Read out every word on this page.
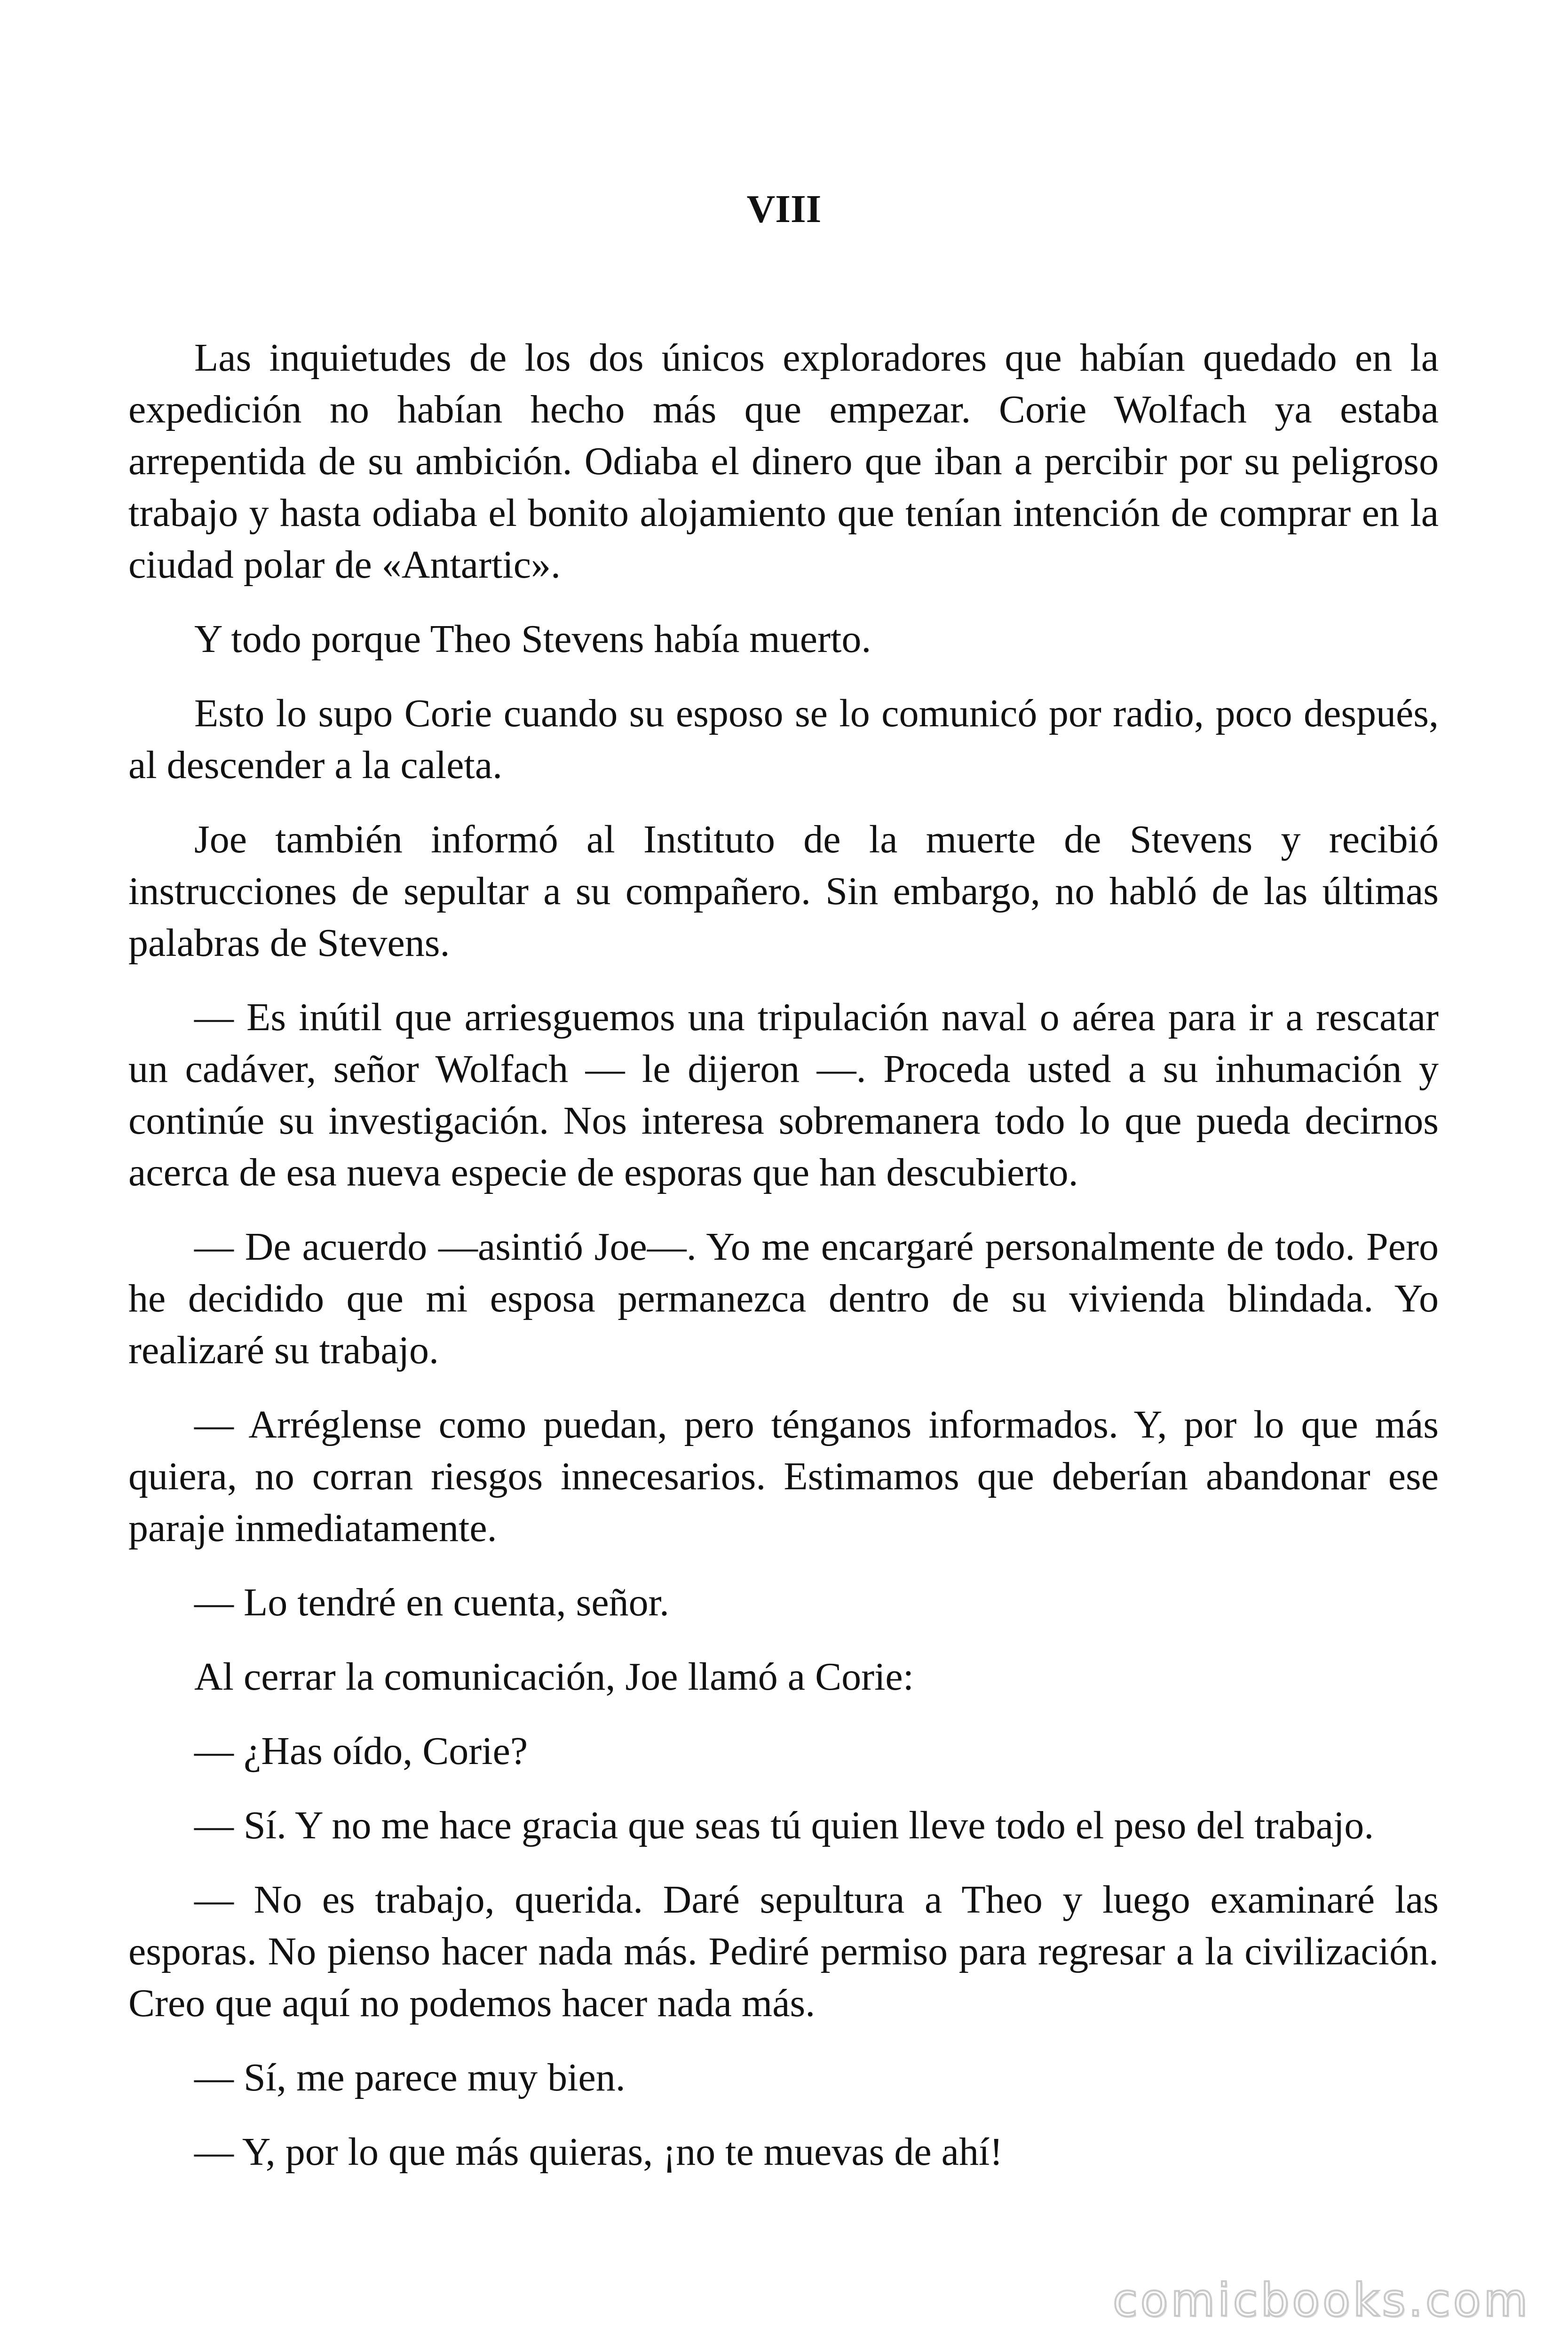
VIII

Las inquietudes de los dos únicos exploradores que habían quedado en la expedición no habían hecho más que empezar. Corie Wolfach ya estaba arrepentida de su ambición. Odiaba el dinero que iban a percibir por su peligroso trabajo y hasta odiaba el bonito alojamiento que tenían intención de comprar en la ciudad polar de «Antartic».

Y todo porque Theo Stevens había muerto.

Esto lo supo Corie cuando su esposo se lo comunicó por radio, poco después, al descender a la caleta.

Joe también informó al Instituto de la muerte de Stevens y recibió instrucciones de sepultar a su compañero. Sin embargo, no habló de las últimas palabras de Stevens.

— Es inútil que arriesguemos una tripulación naval o aérea para ir a rescatar un cadáver, señor Wolfach — le dijeron —. Proceda usted a su inhumación y continúe su investigación. Nos interesa sobremanera todo lo que pueda decirnos acerca de esa nueva especie de esporas que han descubierto.

— De acuerdo —asintió Joe—. Yo me encargaré personalmente de todo. Pero he decidido que mi esposa permanezca dentro de su vivienda blindada. Yo realizaré su trabajo.

— Arréglense como puedan, pero ténganos informados. Y, por lo que más quiera, no corran riesgos innecesarios. Estimamos que deberían abandonar ese paraje inmediatamente.

— Lo tendré en cuenta, señor.

Al cerrar la comunicación, Joe llamó a Corie:

— ¿Has oído, Corie?

— Sí. Y no me hace gracia que seas tú quien lleve todo el peso del trabajo.

— No es trabajo, querida. Daré sepultura a Theo y luego examinaré las esporas. No pienso hacer nada más. Pediré permiso para regresar a la civilización. Creo que aquí no podemos hacer nada más.

— Sí, me parece muy bien.

— Y, por lo que más quieras, ¡no te muevas de ahí!

comicbooks.com
